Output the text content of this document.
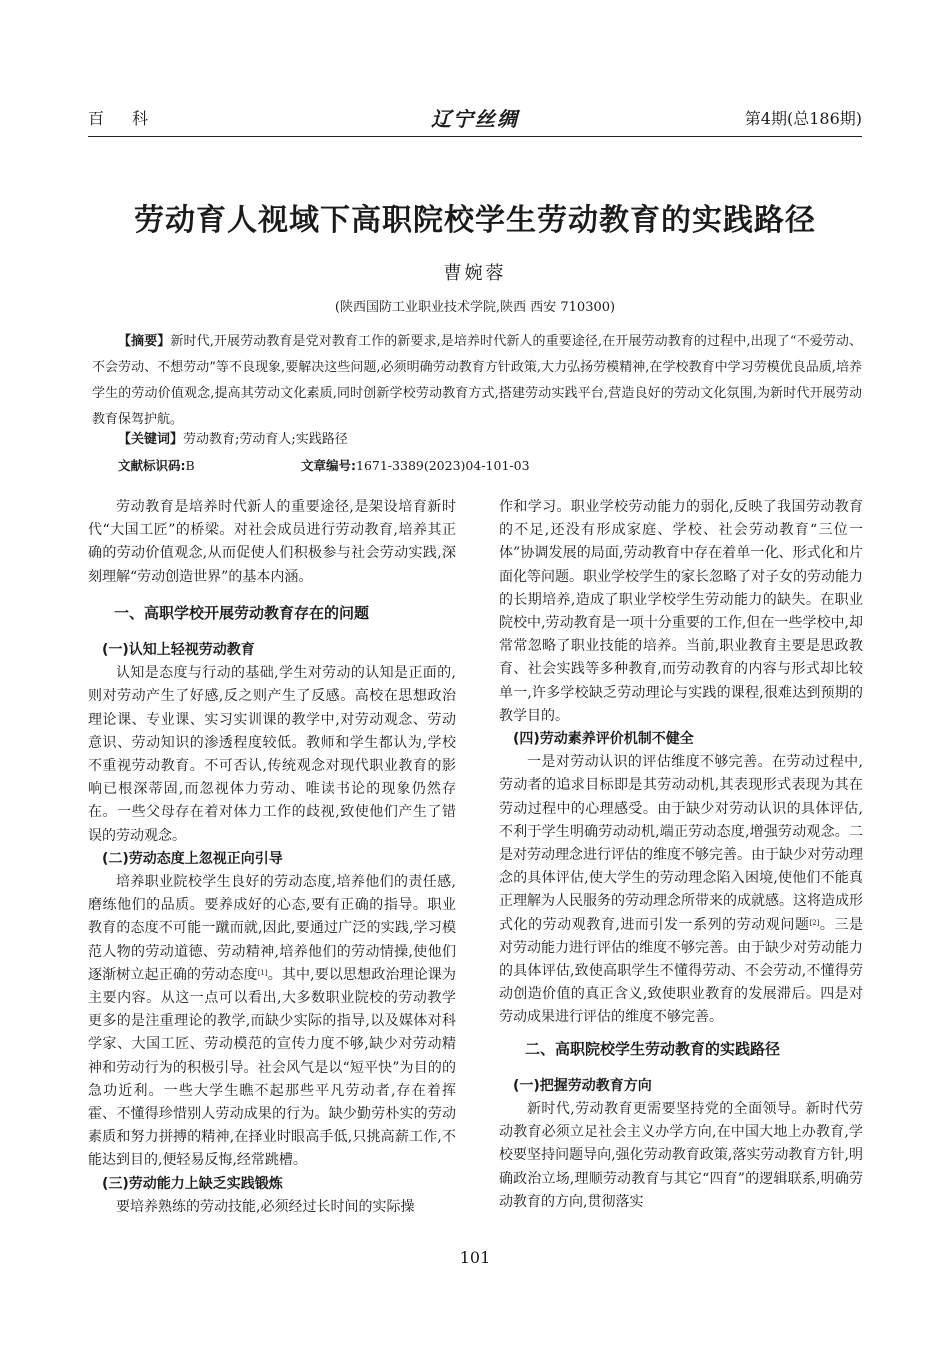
百科	辽宁丝绸	第4期(总186期)
劳动育人视域下高职院校学生劳动教育的实践路径
曹婉蓉
(陕西国防工业职业技术学院,陕西 西安 710300)
【摘要】新时代,开展劳动教育是党对教育工作的新要求,是培养时代新人的重要途径,在开展劳动教育的过程中,出现了“不爱劳动、不会劳动、不想劳动”等不良现象,要解决这些问题,必须明确劳动教育方针政策,大力弘扬劳模精神,在学校教育中学习劳模优良品质,培养学生的劳动价值观念,提高其劳动文化素质,同时创新学校劳动教育方式,搭建劳动实践平台,营造良好的劳动文化氛围,为新时代开展劳动教育保驾护航。
【关键词】劳动教育;劳动育人;实践路径
文献标识码:B	文章编号:1671-3389(2023)04-101-03

劳动教育是培养时代新人的重要途径,是架设培育新时代“大国工匠”的桥梁。对社会成员进行劳动教育,培养其正确的劳动价值观念,从而促使人们积极参与社会劳动实践,深刻理解“劳动创造世界”的基本内涵。

一、高职学校开展劳动教育存在的问题
(一)认知上轻视劳动教育

认知是态度与行动的基础,学生对劳动的认知是正面的,则对劳动产生了好感,反之则产生了反感。高校在思想政治理论课、专业课、实习实训课的教学中,对劳动观念、劳动意识、劳动知识的渗透程度较低。教师和学生都认为,学校不重视劳动教育。不可否认,传统观念对现代职业教育的影响已根深蒂固,而忽视体力劳动、唯读书论的现象仍然存在。一些父母存在着对体力工作的歧视,致使他们产生了错误的劳动观念。

(二)劳动态度上忽视正向引导

培养职业院校学生良好的劳动态度,培养他们的责任感,磨练他们的品质。要养成好的心态,要有正确的指导。职业教育的态度不可能一蹴而就,因此,要通过广泛的实践,学习模范人物的劳动道德、劳动精神,培养他们的劳动情操,使他们逐渐树立起正确的劳动态度[1]。其中,要以思想政治理论课为主要内容。从这一点可以看出,大多数职业院校的劳动教学更多的是注重理论的教学,而缺少实际的指导,以及媒体对科学家、大国工匠、劳动模范的宣传力度不够,缺少对劳动精神和劳动行为的积极引导。社会风气是以“短平快”为目的的急功近利。一些大学生瞧不起那些平凡劳动者,存在着挥霍、不懂得珍惜别人劳动成果的行为。缺少勤劳朴实的劳动素质和努力拼搏的精神,在择业时眼高手低,只挑高薪工作,不能达到目的,便轻易反悔,经常跳槽。

(三)劳动能力上缺乏实践锻炼

要培养熟练的劳动技能,必须经过长时间的实际操

作和学习。职业学校劳动能力的弱化,反映了我国劳动教育的不足,还没有形成家庭、学校、社会劳动教育“三位一体”协调发展的局面,劳动教育中存在着单一化、形式化和片面化等问题。职业学校学生的家长忽略了对子女的劳动能力的长期培养,造成了职业学校学生劳动能力的缺失。在职业院校中,劳动教育是一项十分重要的工作,但在一些学校中,却常常忽略了职业技能的培养。当前,职业教育主要是思政教育、社会实践等多种教育,而劳动教育的内容与形式却比较单一,许多学校缺乏劳动理论与实践的课程,很难达到预期的教学目的。

(四)劳动素养评价机制不健全

一是对劳动认识的评估维度不够完善。在劳动过程中,劳动者的追求目标即是其劳动动机,其表现形式表现为其在劳动过程中的心理感受。由于缺少对劳动认识的具体评估,不利于学生明确劳动动机,端正劳动态度,增强劳动观念。二是对劳动理念进行评估的维度不够完善。由于缺少对劳动理念的具体评估,使大学生的劳动理念陷入困境,使他们不能真正理解为人民服务的劳动理念所带来的成就感。这将造成形式化的劳动观教育,进而引发一系列的劳动观问题[2]。三是对劳动能力进行评估的维度不够完善。由于缺少对劳动能力的具体评估,致使高职学生不懂得劳动、不会劳动,不懂得劳动创造价值的真正含义,致使职业教育的发展滞后。四是对劳动成果进行评估的维度不够完善。

二、高职院校学生劳动教育的实践路径
(一)把握劳动教育方向

新时代,劳动教育更需要坚持党的全面领导。新时代劳动教育必须立足社会主义办学方向,在中国大地上办教育,学校要坚持问题导向,强化劳动教育政策,落实劳动教育方针,明确政治立场,理顺劳动教育与其它“四育”的逻辑联系,明确劳动教育的方向,贯彻落实

101
